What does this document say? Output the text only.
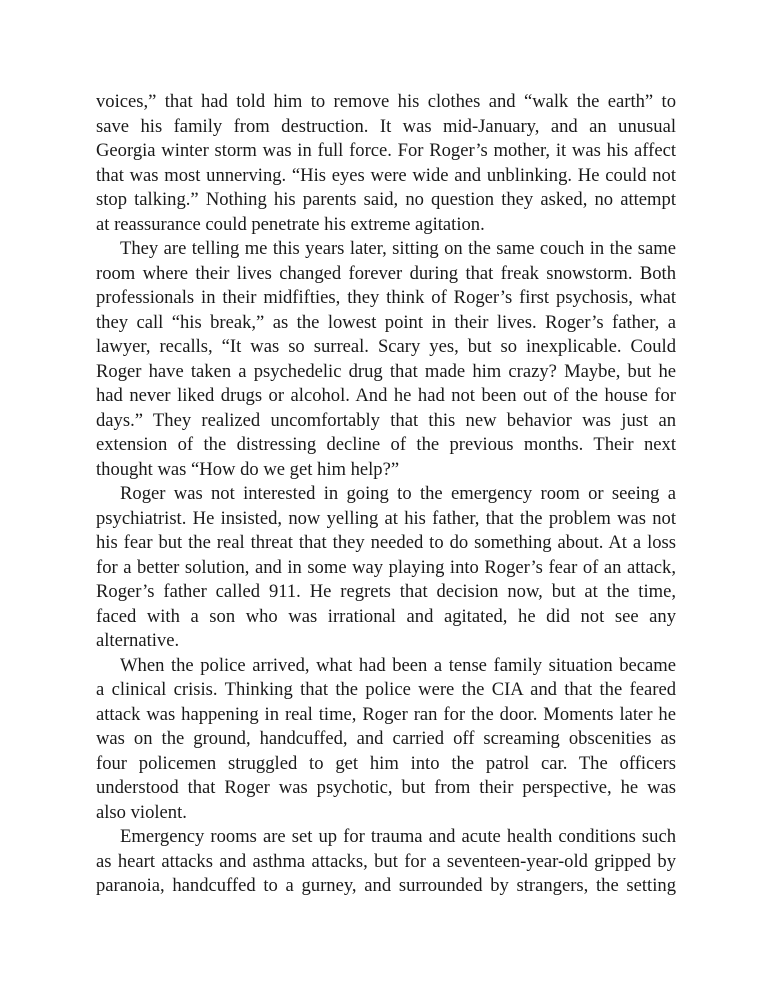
voices,” that had told him to remove his clothes and “walk the earth” to
save his family from destruction. It was mid-January, and an unusual
Georgia winter storm was in full force. For Roger’s mother, it was his affect
that was most unnerving. “His eyes were wide and unblinking. He could not
stop talking.” Nothing his parents said, no question they asked, no attempt
at reassurance could penetrate his extreme agitation.
They are telling me this years later, sitting on the same couch in the same
room where their lives changed forever during that freak snowstorm. Both
professionals in their midfifties, they think of Roger’s first psychosis, what
they call “his break,” as the lowest point in their lives. Roger’s father, a
lawyer, recalls, “It was so surreal. Scary yes, but so inexplicable. Could
Roger have taken a psychedelic drug that made him crazy? Maybe, but he
had never liked drugs or alcohol. And he had not been out of the house for
days.” They realized uncomfortably that this new behavior was just an
extension of the distressing decline of the previous months. Their next
thought was “How do we get him help?”
Roger was not interested in going to the emergency room or seeing a
psychiatrist. He insisted, now yelling at his father, that the problem was not
his fear but the real threat that they needed to do something about. At a loss
for a better solution, and in some way playing into Roger’s fear of an attack,
Roger’s father called 911. He regrets that decision now, but at the time,
faced with a son who was irrational and agitated, he did not see any
alternative.
When the police arrived, what had been a tense family situation became
a clinical crisis. Thinking that the police were the CIA and that the feared
attack was happening in real time, Roger ran for the door. Moments later he
was on the ground, handcuffed, and carried off screaming obscenities as
four policemen struggled to get him into the patrol car. The officers
understood that Roger was psychotic, but from their perspective, he was
also violent.
Emergency rooms are set up for trauma and acute health conditions such
as heart attacks and asthma attacks, but for a seventeen-year-old gripped by
paranoia, handcuffed to a gurney, and surrounded by strangers, the setting
